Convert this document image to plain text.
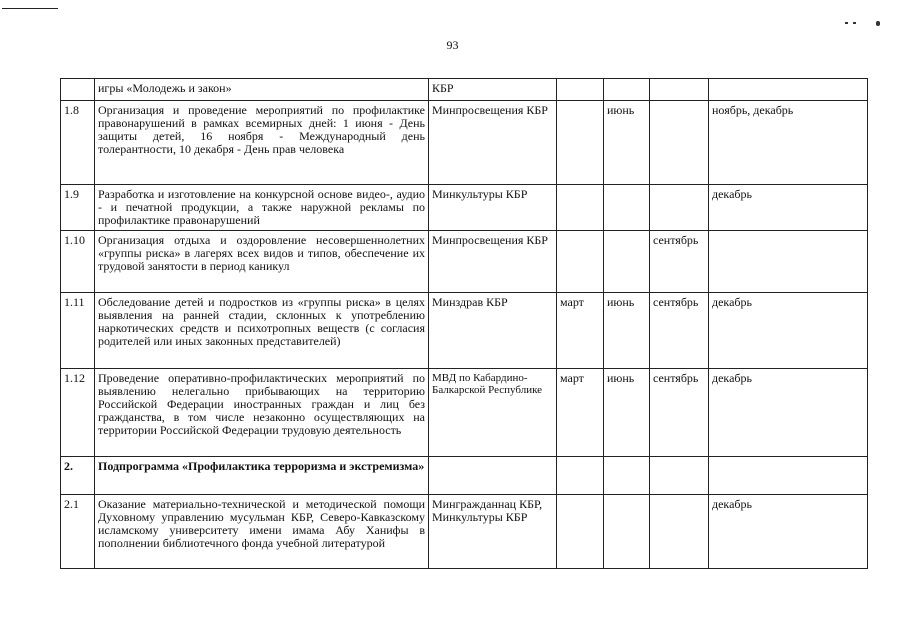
93
	игры «Молодежь и закон»	КБР				
1.8	Организация и проведение мероприятий по профилактике правонарушений в рамках всемирных дней: 1 июня - День защиты детей, 16 ноября - Международный день толерантности, 10 декабря - День прав человека	Минпросвещения КБР		июнь		ноябрь, декабрь
1.9	Разработка и изготовление на конкурсной основе видео-, аудио - и печатной продукции, а также наружной рекламы по профилактике правонарушений	Минкультуры КБР				декабрь
1.10	Организация отдыха и оздоровление несовершеннолетних «группы риска» в лагерях всех видов и типов, обеспечение их трудовой занятости в период каникул	Минпросвещения КБР			сентябрь	
1.11	Обследование детей и подростков из «группы риска» в целях выявления на ранней стадии, склонных к употреблению наркотических средств и психотропных веществ (с согласия родителей или иных законных представителей)	Минздрав КБР	март	июнь	сентябрь	декабрь
1.12	Проведение оперативно-профилактических мероприятий по выявлению нелегально прибывающих на территорию Российской Федерации иностранных граждан и лиц без гражданства, в том числе незаконно осуществляющих на территории Российской Федерации трудовую деятельность	МВД по Кабардино-Балкарской Республике	март	июнь	сентябрь	декабрь
2.	Подпрограмма «Профилактика терроризма и экстремизма»					
2.1	Оказание материально-технической и методической помощи Духовному управлению мусульман КБР, Северо-Кавказскому исламскому университету имени имама Абу Ханифы в пополнении библиотечного фонда учебной литературой	Мингражданнац КБР, Минкультуры КБР				декабрь
